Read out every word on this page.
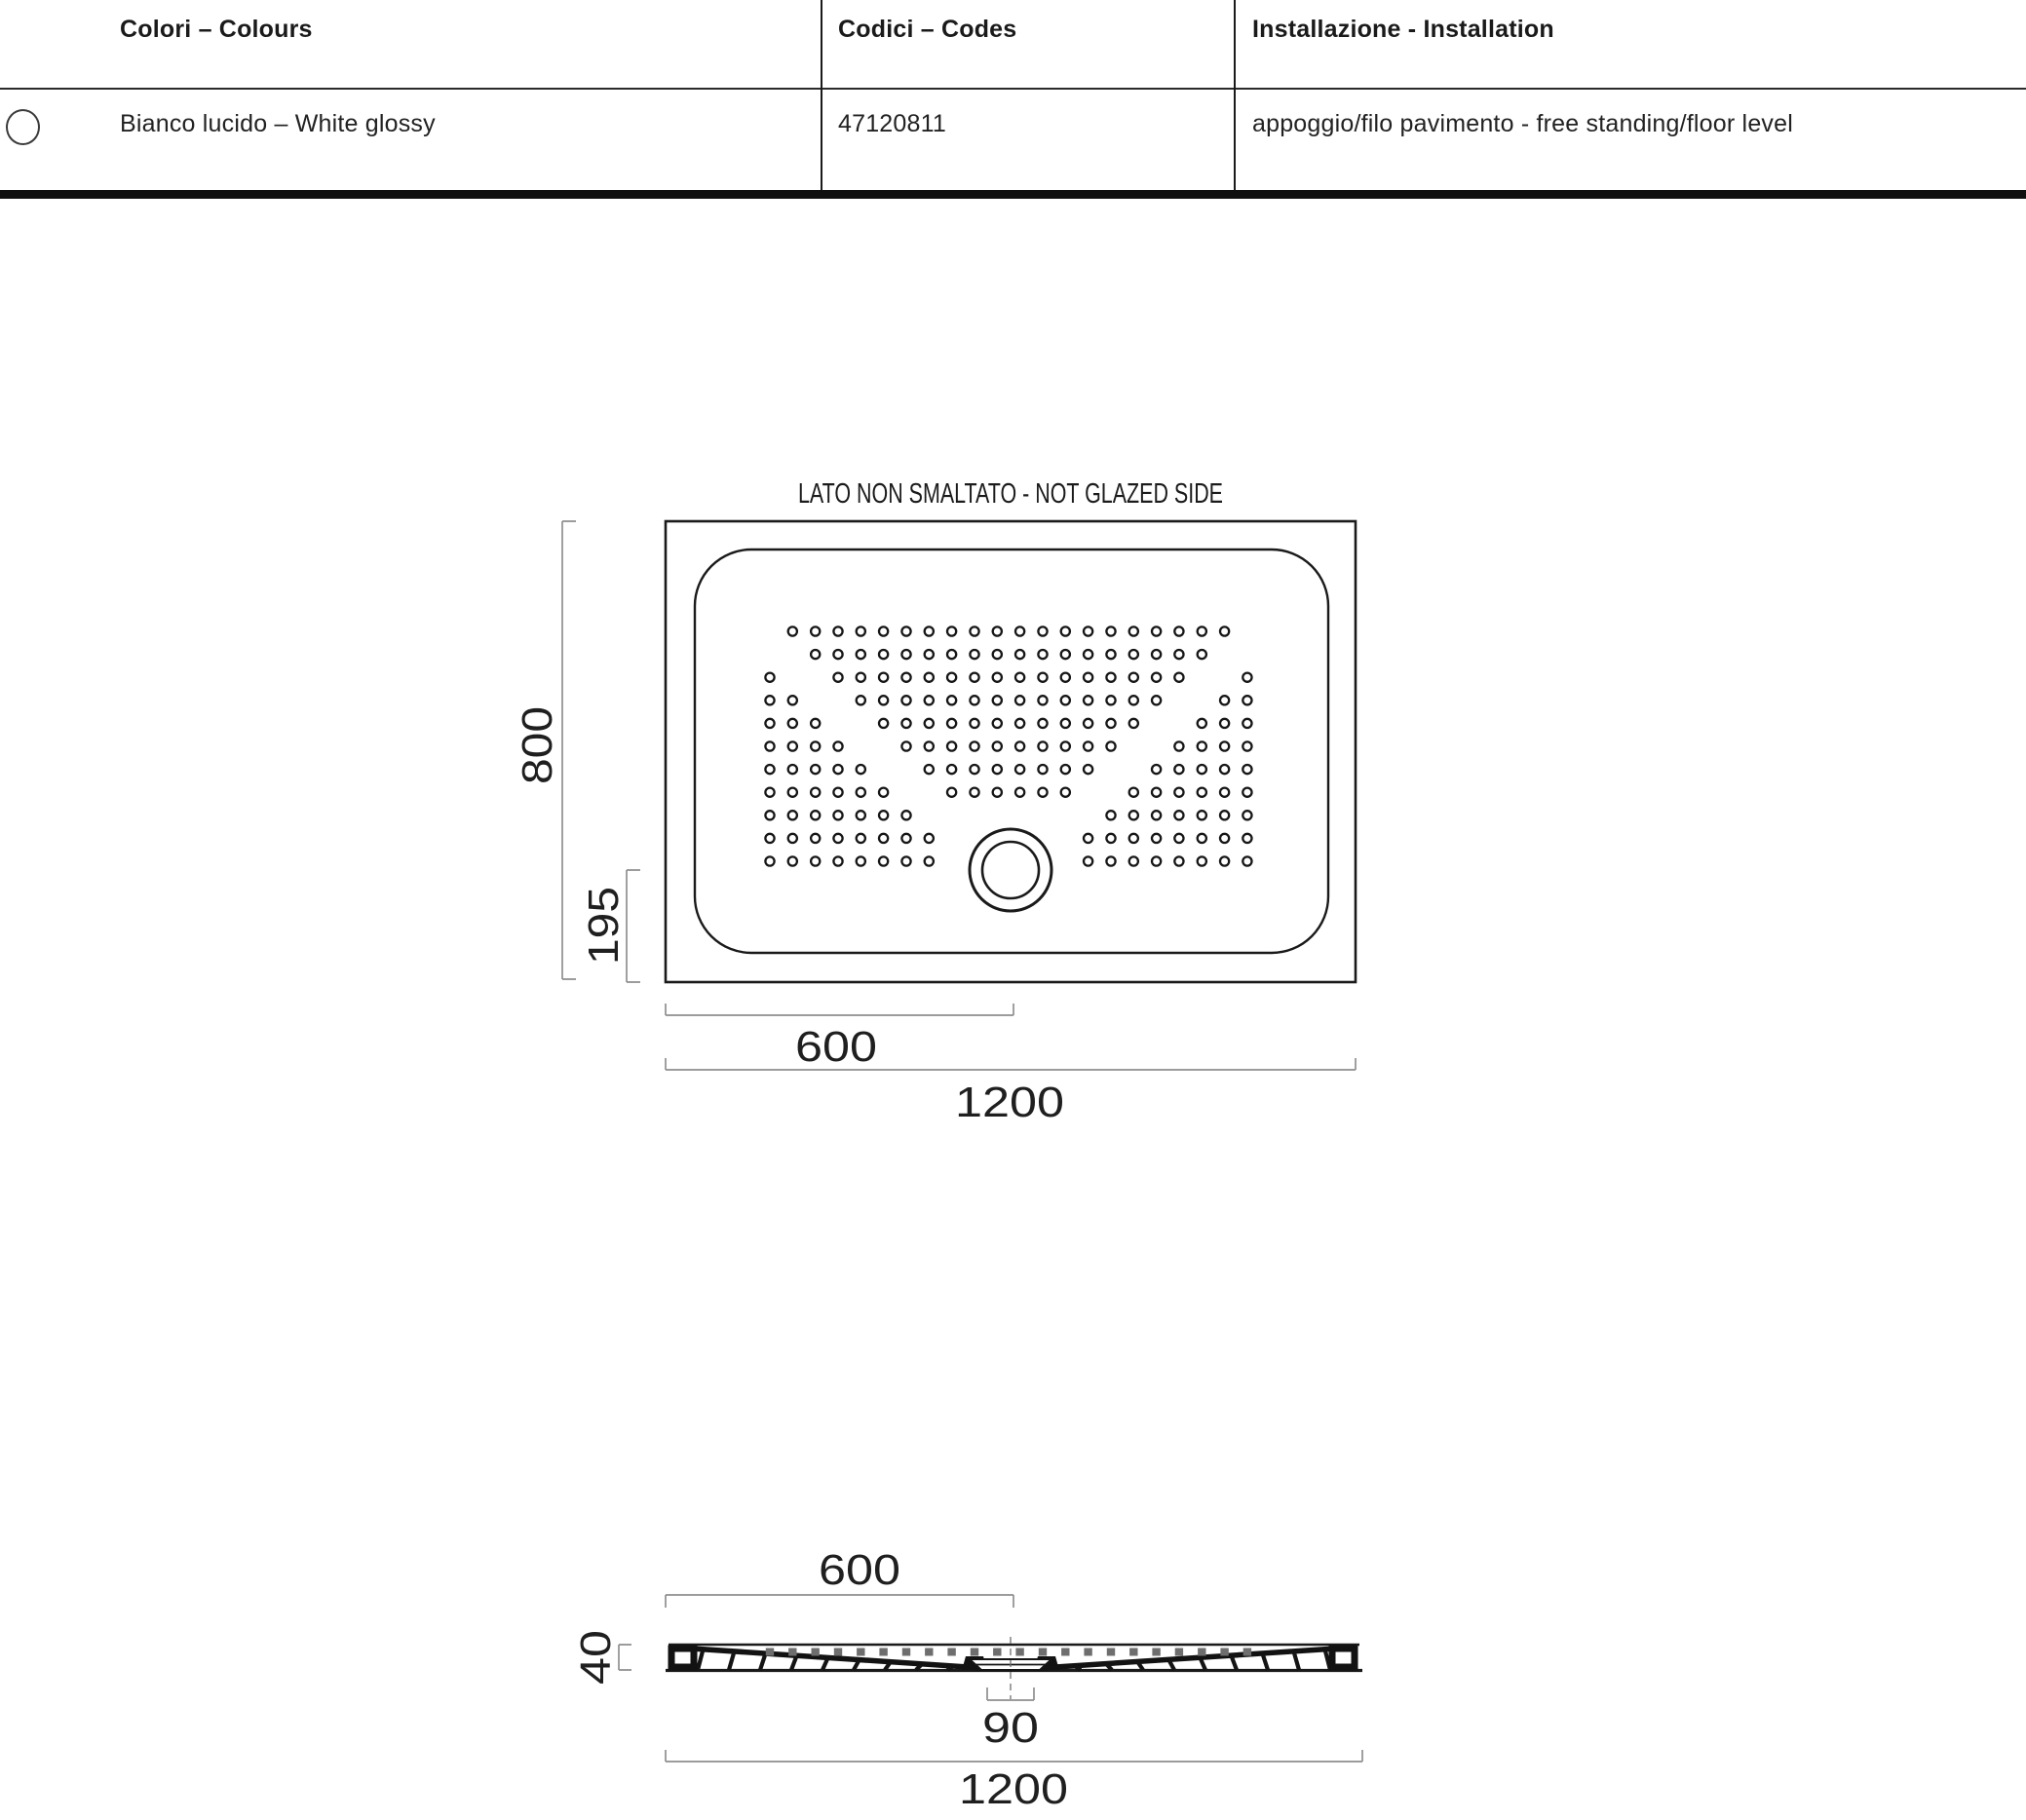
Colori – Colours	Codici – Codes	Installazione - Installation
Bianco lucido – White glossy	47120811	appoggio/filo pavimento - free standing/floor level
LATO NON SMALTATO - NOT GLAZED SIDE
800
195
600
1200
600
40
90
1200
